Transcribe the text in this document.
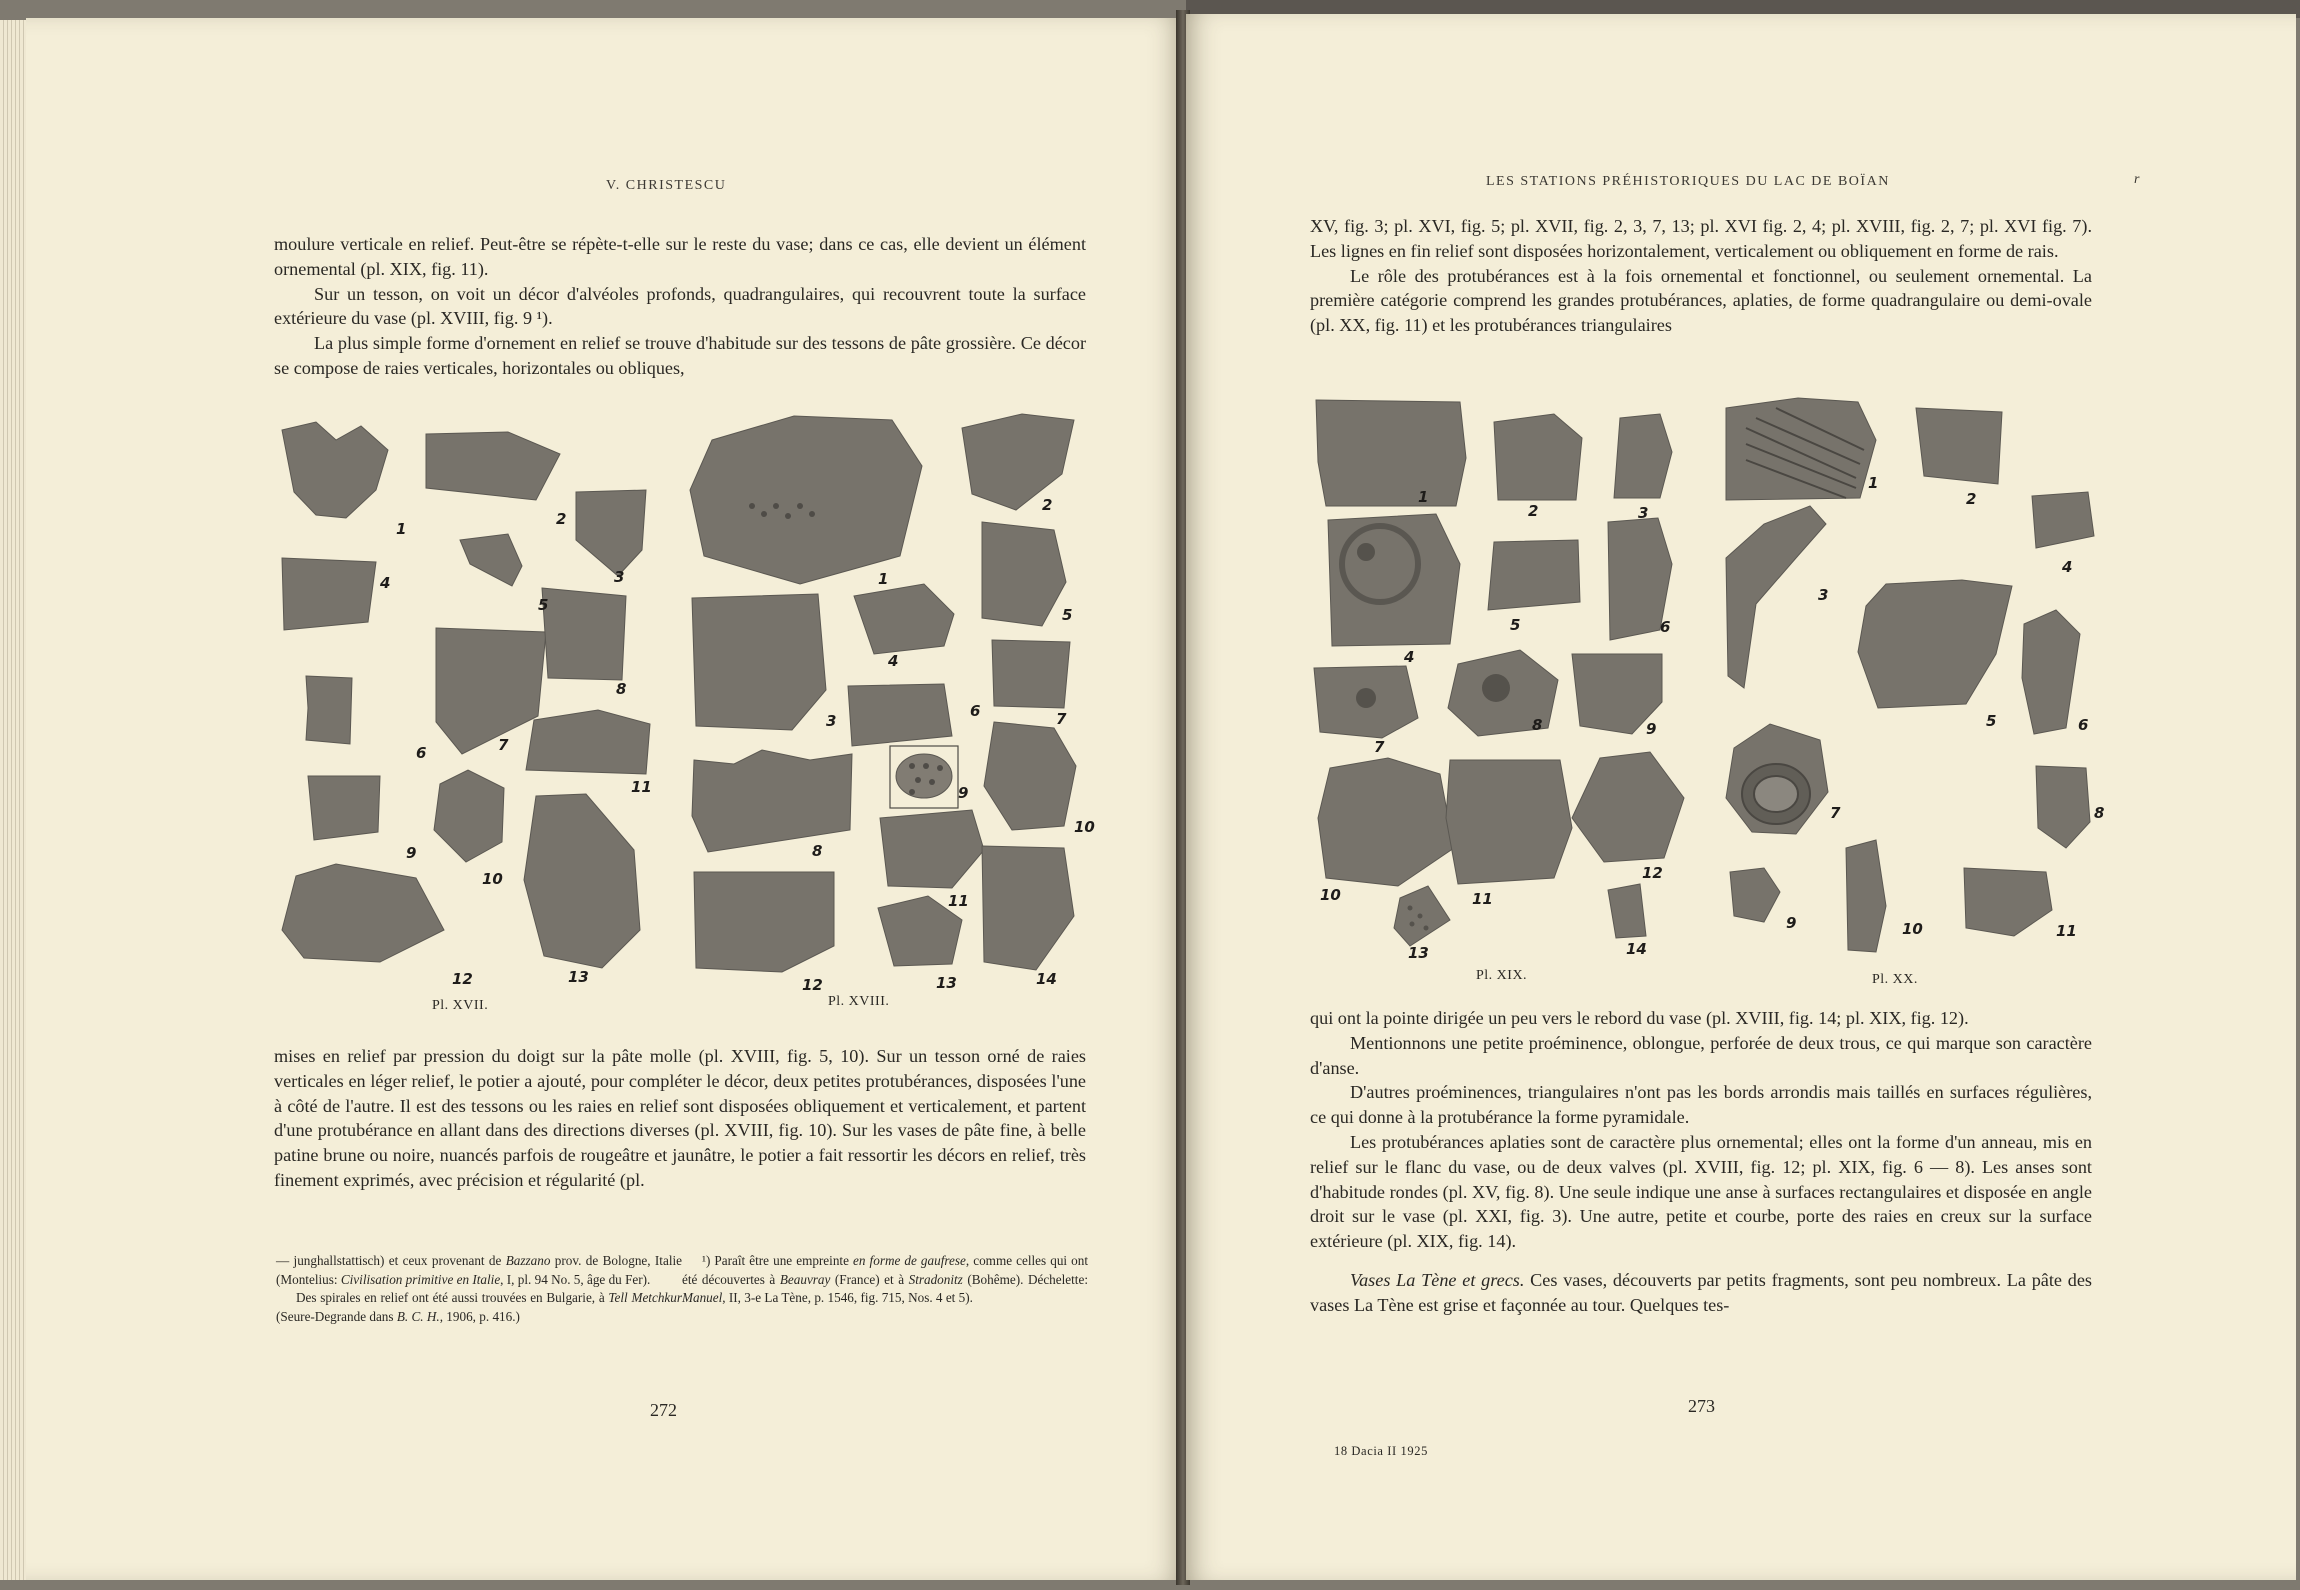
V. CHRISTESCU

moulure verticale en relief. Peut-être se répète-t-elle sur le reste du vase; dans ce cas, elle devient un élément ornemental (pl. XIX, fig. 11).

Sur un tesson, on voit un décor d'alvéoles profonds, quadrangulaires, qui recouvrent toute la surface extérieure du vase (pl. XVIII, fig. 9 ¹).

La plus simple forme d'ornement en relief se trouve d'habitude sur des tessons de pâte grossière. Ce décor se compose de raies verticales, horizontales ou obliques,

1
2
3
4
5
6	7
8
9
10
11
12	13
1
2
3
4
5
6	7
8
9
10
11
12	13	14
Pl. XVII.	Pl. XVIII.

mises en relief par pression du doigt sur la pâte molle (pl. XVIII, fig. 5, 10). Sur un tesson orné de raies verticales en léger relief, le potier a ajouté, pour compléter le décor, deux petites protubérances, disposées l'une à côté de l'autre. Il est des tessons ou les raies en relief sont disposées obliquement et verticalement, et partent d'une protubérance en allant dans des directions diverses (pl. XVIII, fig. 10). Sur les vases de pâte fine, à belle patine brune ou noire, nuancés parfois de rougeâtre et jaunâtre, le potier a fait ressortir les décors en relief, très finement exprimés, avec précision et régularité (pl.

— junghallstattisch) et ceux provenant de Bazzano prov. de Bologne, Italie (Montelius: Civilisation primitive en Italie, I, pl. 94 No. 5, âge du Fer).

Des spirales en relief ont été aussi trouvées en Bulgarie, à Tell Metchkur (Seure-Degrande dans B. C. H., 1906, p. 416.)

¹) Paraît être une empreinte en forme de gaufrese, comme celles qui ont été découvertes à Beauvray (France) et à Stradonitz (Bohême). Déchelette: Manuel, II, 3-e La Tène, p. 1546, fig. 715, Nos. 4 et 5).

272
LES STATIONS PRÉHISTORIQUES DU LAC DE BOÏAN	r

XV, fig. 3; pl. XVI, fig. 5; pl. XVII, fig. 2, 3, 7, 13; pl. XVI fig. 2, 4; pl. XVIII, fig. 2, 7; pl. XVI fig. 7). Les lignes en fin relief sont disposées horizontalement, verticalement ou obliquement en forme de rais.

Le rôle des protubérances est à la fois ornemental et fonctionnel, ou seulement ornemental. La première catégorie comprend les grandes protubérances, aplaties, de forme quadrangulaire ou demi-ovale (pl. XX, fig. 11) et les protubérances triangulaires

1
2	3
4
5	6
7
8	9
10	11
12
13	14
1
2
3
4
5	6
7	8
9	10	11
Pl. XIX.	Pl. XX.

qui ont la pointe dirigée un peu vers le rebord du vase (pl. XVIII, fig. 14; pl. XIX, fig. 12).

Mentionnons une petite proéminence, oblongue, perforée de deux trous, ce qui marque son caractère d'anse.

D'autres proéminences, triangulaires n'ont pas les bords arrondis mais taillés en surfaces régulières, ce qui donne à la protubérance la forme pyramidale.

Les protubérances aplaties sont de caractère plus ornemental; elles ont la forme d'un anneau, mis en relief sur le flanc du vase, ou de deux valves (pl. XVIII, fig. 12; pl. XIX, fig. 6 — 8). Les anses sont d'habitude rondes (pl. XV, fig. 8). Une seule indique une anse à surfaces rectangulaires et disposée en angle droit sur le vase (pl. XXI, fig. 3). Une autre, petite et courbe, porte des raies en creux sur la surface extérieure (pl. XIX, fig. 14).

Vases La Tène et grecs. Ces vases, découverts par petits fragments, sont peu nombreux. La pâte des vases La Tène est grise et façonnée au tour. Quelques tes-

273
18 Dacia II 1925
